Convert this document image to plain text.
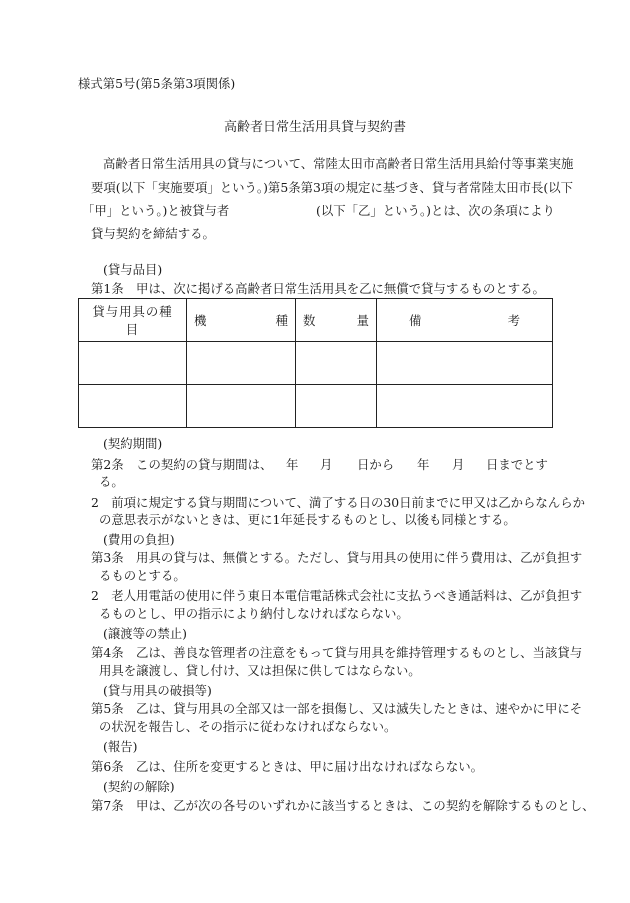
様式第5号(第5条第3項関係)
高齢者日常生活用具貸与契約書
高齢者日常生活用具の貸与について、常陸太田市高齢者日常生活用具給付等事業実施
要項(以下「実施要項」という。)第5条第3項の規定に基づき、貸与者常陸太田市長(以下
「甲」という。)と被貸与者	(以下「乙」という。)とは、次の条項により
貸与契約を締結する。
(貸与品目)
第1条　甲は、次に掲げる高齢者日常生活用具を乙に無償で貸与するものとする。
貸与用具の種目	機 種	数 量	備 考

(契約期間)
第2条　この契約の貸与期間は、 年 月 日から 年 月 日までとす
る。
2　前項に規定する貸与期間について、満了する日の30日前までに甲又は乙からなんらか
の意思表示がないときは、更に1年延長するものとし、以後も同様とする。
(費用の負担)
第3条　用具の貸与は、無償とする。ただし、貸与用具の使用に伴う費用は、乙が負担す
るものとする。
2　老人用電話の使用に伴う東日本電信電話株式会社に支払うべき通話料は、乙が負担す
るものとし、甲の指示により納付しなければならない。
(譲渡等の禁止)
第4条　乙は、善良な管理者の注意をもって貸与用具を維持管理するものとし、当該貸与
用具を譲渡し、貸し付け、又は担保に供してはならない。
(貸与用具の破損等)
第5条　乙は、貸与用具の全部又は一部を損傷し、又は滅失したときは、速やかに甲にそ
の状況を報告し、その指示に従わなければならない。
(報告)
第6条　乙は、住所を変更するときは、甲に届け出なければならない。
(契約の解除)
第7条　甲は、乙が次の各号のいずれかに該当するときは、この契約を解除するものとし、
